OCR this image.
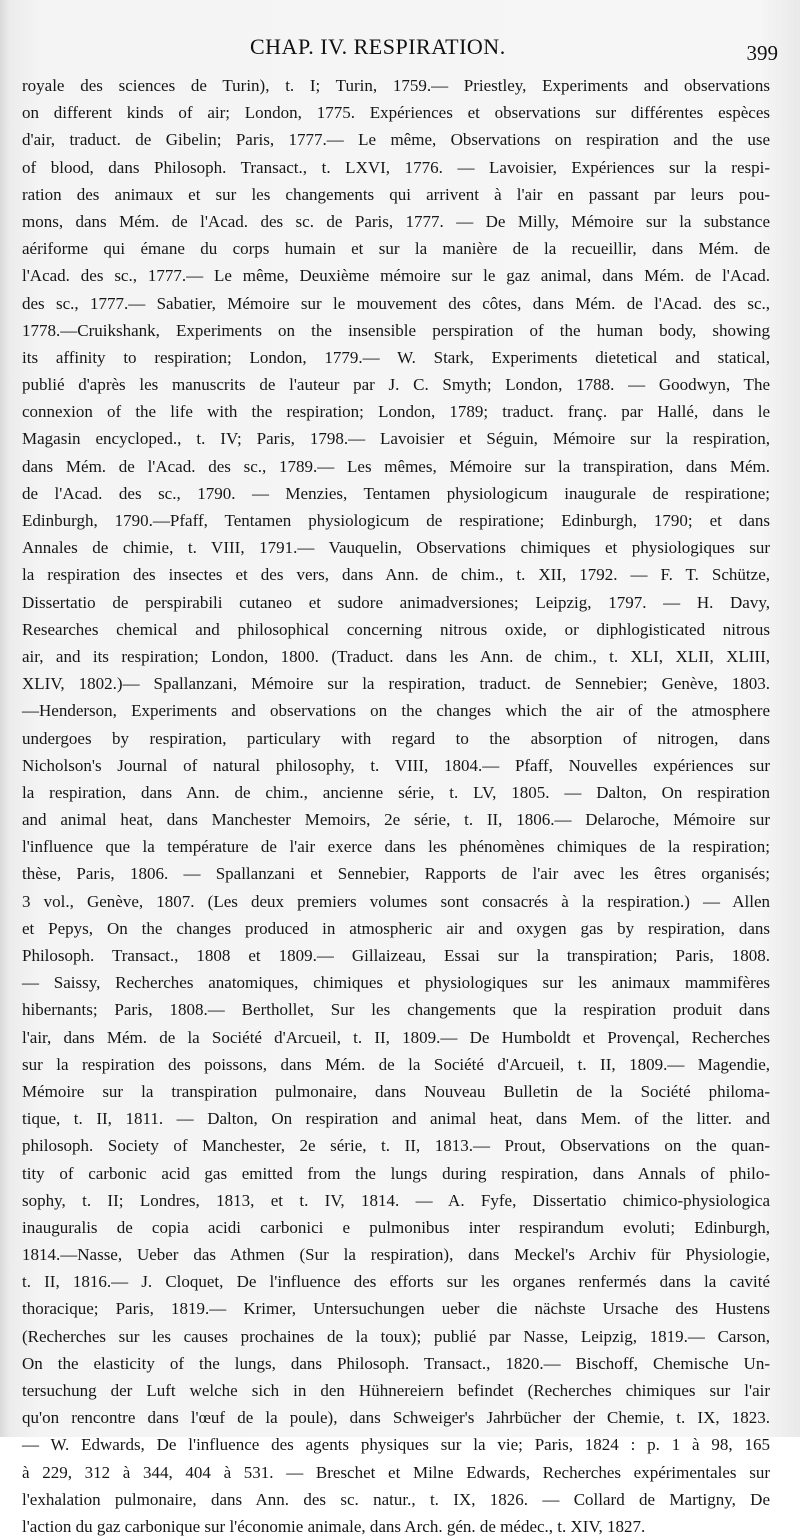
CHAP. IV. RESPIRATION.	399
royale des sciences de Turin), t. I; Turin, 1759.— Priestley, Experiments and observations
on different kinds of air; London, 1775. Expériences et observations sur différentes espèces
d'air, traduct. de Gibelin; Paris, 1777.— Le même, Observations on respiration and the use
of blood, dans Philosoph. Transact., t. LXVI, 1776. — Lavoisier, Expériences sur la respi-
ration des animaux et sur les changements qui arrivent à l'air en passant par leurs pou-
mons, dans Mém. de l'Acad. des sc. de Paris, 1777. — De Milly, Mémoire sur la substance
aériforme qui émane du corps humain et sur la manière de la recueillir, dans Mém. de
l'Acad. des sc., 1777.— Le même, Deuxième mémoire sur le gaz animal, dans Mém. de l'Acad.
des sc., 1777.— Sabatier, Mémoire sur le mouvement des côtes, dans Mém. de l'Acad. des sc.,
1778.—Cruikshank, Experiments on the insensible perspiration of the human body, showing
its affinity to respiration; London, 1779.— W. Stark, Experiments dietetical and statical,
publié d'après les manuscrits de l'auteur par J. C. Smyth; London, 1788. — Goodwyn, The
connexion of the life with the respiration; London, 1789; traduct. franç. par Hallé, dans le
Magasin encycloped., t. IV; Paris, 1798.— Lavoisier et Séguin, Mémoire sur la respiration,
dans Mém. de l'Acad. des sc., 1789.— Les mêmes, Mémoire sur la transpiration, dans Mém.
de l'Acad. des sc., 1790. — Menzies, Tentamen physiologicum inaugurale de respiratione;
Edinburgh, 1790.—Pfaff, Tentamen physiologicum de respiratione; Edinburgh, 1790; et dans
Annales de chimie, t. VIII, 1791.— Vauquelin, Observations chimiques et physiologiques sur
la respiration des insectes et des vers, dans Ann. de chim., t. XII, 1792. — F. T. Schütze,
Dissertatio de perspirabili cutaneo et sudore animadversiones; Leipzig, 1797. — H. Davy,
Researches chemical and philosophical concerning nitrous oxide, or diphlogisticated nitrous
air, and its respiration; London, 1800. (Traduct. dans les Ann. de chim., t. XLI, XLII, XLIII,
XLIV, 1802.)— Spallanzani, Mémoire sur la respiration, traduct. de Sennebier; Genève, 1803.
—Henderson, Experiments and observations on the changes which the air of the atmosphere
undergoes by respiration, particulary with regard to the absorption of nitrogen, dans
Nicholson's Journal of natural philosophy, t. VIII, 1804.— Pfaff, Nouvelles expériences sur
la respiration, dans Ann. de chim., ancienne série, t. LV, 1805. — Dalton, On respiration
and animal heat, dans Manchester Memoirs, 2e série, t. II, 1806.— Delaroche, Mémoire sur
l'influence que la température de l'air exerce dans les phénomènes chimiques de la respiration;
thèse, Paris, 1806. — Spallanzani et Sennebier, Rapports de l'air avec les êtres organisés;
3 vol., Genève, 1807. (Les deux premiers volumes sont consacrés à la respiration.) — Allen
et Pepys, On the changes produced in atmospheric air and oxygen gas by respiration, dans
Philosoph. Transact., 1808 et 1809.— Gillaizeau, Essai sur la transpiration; Paris, 1808.
— Saissy, Recherches anatomiques, chimiques et physiologiques sur les animaux mammifères
hibernants; Paris, 1808.— Berthollet, Sur les changements que la respiration produit dans
l'air, dans Mém. de la Société d'Arcueil, t. II, 1809.— De Humboldt et Provençal, Recherches
sur la respiration des poissons, dans Mém. de la Société d'Arcueil, t. II, 1809.— Magendie,
Mémoire sur la transpiration pulmonaire, dans Nouveau Bulletin de la Société philoma-
tique, t. II, 1811. — Dalton, On respiration and animal heat, dans Mem. of the litter. and
philosoph. Society of Manchester, 2e série, t. II, 1813.— Prout, Observations on the quan-
tity of carbonic acid gas emitted from the lungs during respiration, dans Annals of philo-
sophy, t. II; Londres, 1813, et t. IV, 1814. — A. Fyfe, Dissertatio chimico-physiologica
inauguralis de copia acidi carbonici e pulmonibus inter respirandum evoluti; Edinburgh,
1814.—Nasse, Ueber das Athmen (Sur la respiration), dans Meckel's Archiv für Physiologie,
t. II, 1816.— J. Cloquet, De l'influence des efforts sur les organes renfermés dans la cavité
thoracique; Paris, 1819.— Krimer, Untersuchungen ueber die nächste Ursache des Hustens
(Recherches sur les causes prochaines de la toux); publié par Nasse, Leipzig, 1819.— Carson,
On the elasticity of the lungs, dans Philosoph. Transact., 1820.— Bischoff, Chemische Un-
tersuchung der Luft welche sich in den Hühnereiern befindet (Recherches chimiques sur l'air
qu'on rencontre dans l'œuf de la poule), dans Schweiger's Jahrbücher der Chemie, t. IX, 1823.
— W. Edwards, De l'influence des agents physiques sur la vie; Paris, 1824 : p. 1 à 98, 165
à 229, 312 à 344, 404 à 531. — Breschet et Milne Edwards, Recherches expérimentales sur
l'exhalation pulmonaire, dans Ann. des sc. natur., t. IX, 1826. — Collard de Martigny, De
l'action du gaz carbonique sur l'économie animale, dans Arch. gén. de médec., t. XIV, 1827.
